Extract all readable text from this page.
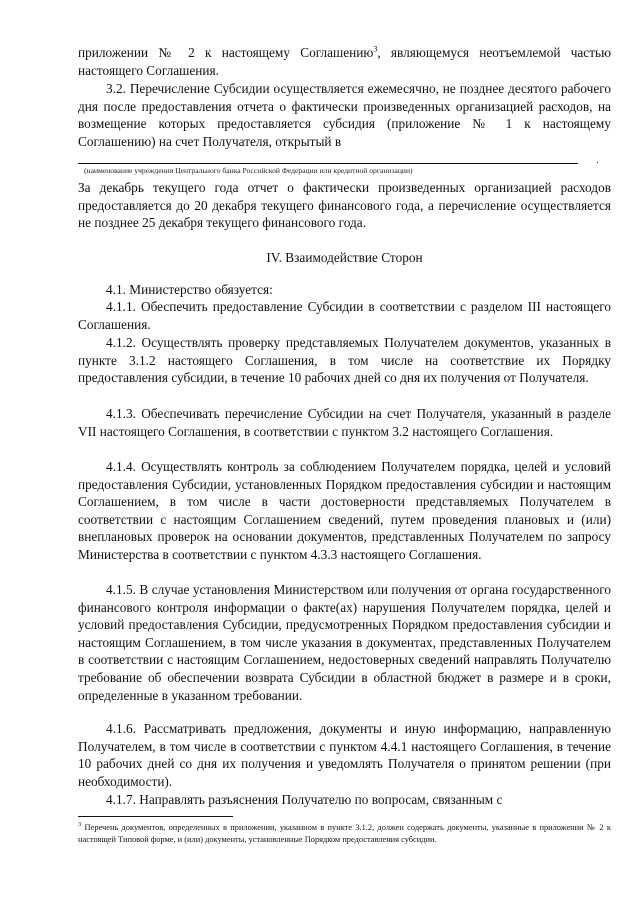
приложении № 2 к настоящему Соглашению$^3$, являющемуся неотъемлемой частью настоящего Соглашения.

3.2. Перечисление Субсидии осуществляется ежемесячно, не позднее десятого рабочего дня после предоставления отчета о фактически произведенных организацией расходов, на возмещение которых предоставляется субсидия (приложение № 1 к настоящему Соглашению) на счет Получателя, открытый в

.
(наименование учреждения Центрального банка Российской Федерации или кредитной организации)

За декабрь текущего года отчет о фактически произведенных организацией расходов предоставляется до 20 декабря текущего финансового года, а перечисление осуществляется не позднее 25 декабря текущего финансового года.

IV. Взаимодействие Сторон

4.1. Министерство обязуется:

4.1.1. Обеспечить предоставление Субсидии в соответствии с разделом III настоящего Соглашения.

4.1.2. Осуществлять проверку представляемых Получателем документов, указанных в пункте 3.1.2 настоящего Соглашения, в том числе на соответствие их Порядку предоставления субсидии, в течение 10 рабочих дней со дня их получения от Получателя.

4.1.3. Обеспечивать перечисление Субсидии на счет Получателя, указанный в разделе VII настоящего Соглашения, в соответствии с пунктом 3.2 настоящего Соглашения.

4.1.4. Осуществлять контроль за соблюдением Получателем порядка, целей и условий предоставления Субсидии, установленных Порядком предоставления субсидии и настоящим Соглашением, в том числе в части достоверности представляемых Получателем в соответствии с настоящим Соглашением сведений, путем проведения плановых и (или) внеплановых проверок на основании документов, представленных Получателем по запросу Министерства в соответствии с пунктом 4.3.3 настоящего Соглашения.

4.1.5. В случае установления Министерством или получения от органа государственного финансового контроля информации о факте(ах) нарушения Получателем порядка, целей и условий предоставления Субсидии, предусмотренных Порядком предоставления субсидии и настоящим Соглашением, в том числе указания в документах, представленных Получателем в соответствии с настоящим Соглашением, недостоверных сведений направлять Получателю требование об обеспечении возврата Субсидии в областной бюджет в размере и в сроки, определенные в указанном требовании.

4.1.6. Рассматривать предложения, документы и иную информацию, направленную Получателем, в том числе в соответствии с пунктом 4.4.1 настоящего Соглашения, в течение 10 рабочих дней со дня их получения и уведомлять Получателя о принятом решении (при необходимости).

4.1.7. Направлять разъяснения Получателю по вопросам, связанным с

$^3$ Перечень документов, определенных в приложении, указанном в пункте 3.1.2, должен содержать документы, указанные в приложении № 2 к настоящей Типовой форме, и (или) документы, установленные Порядком предоставления субсидии.
